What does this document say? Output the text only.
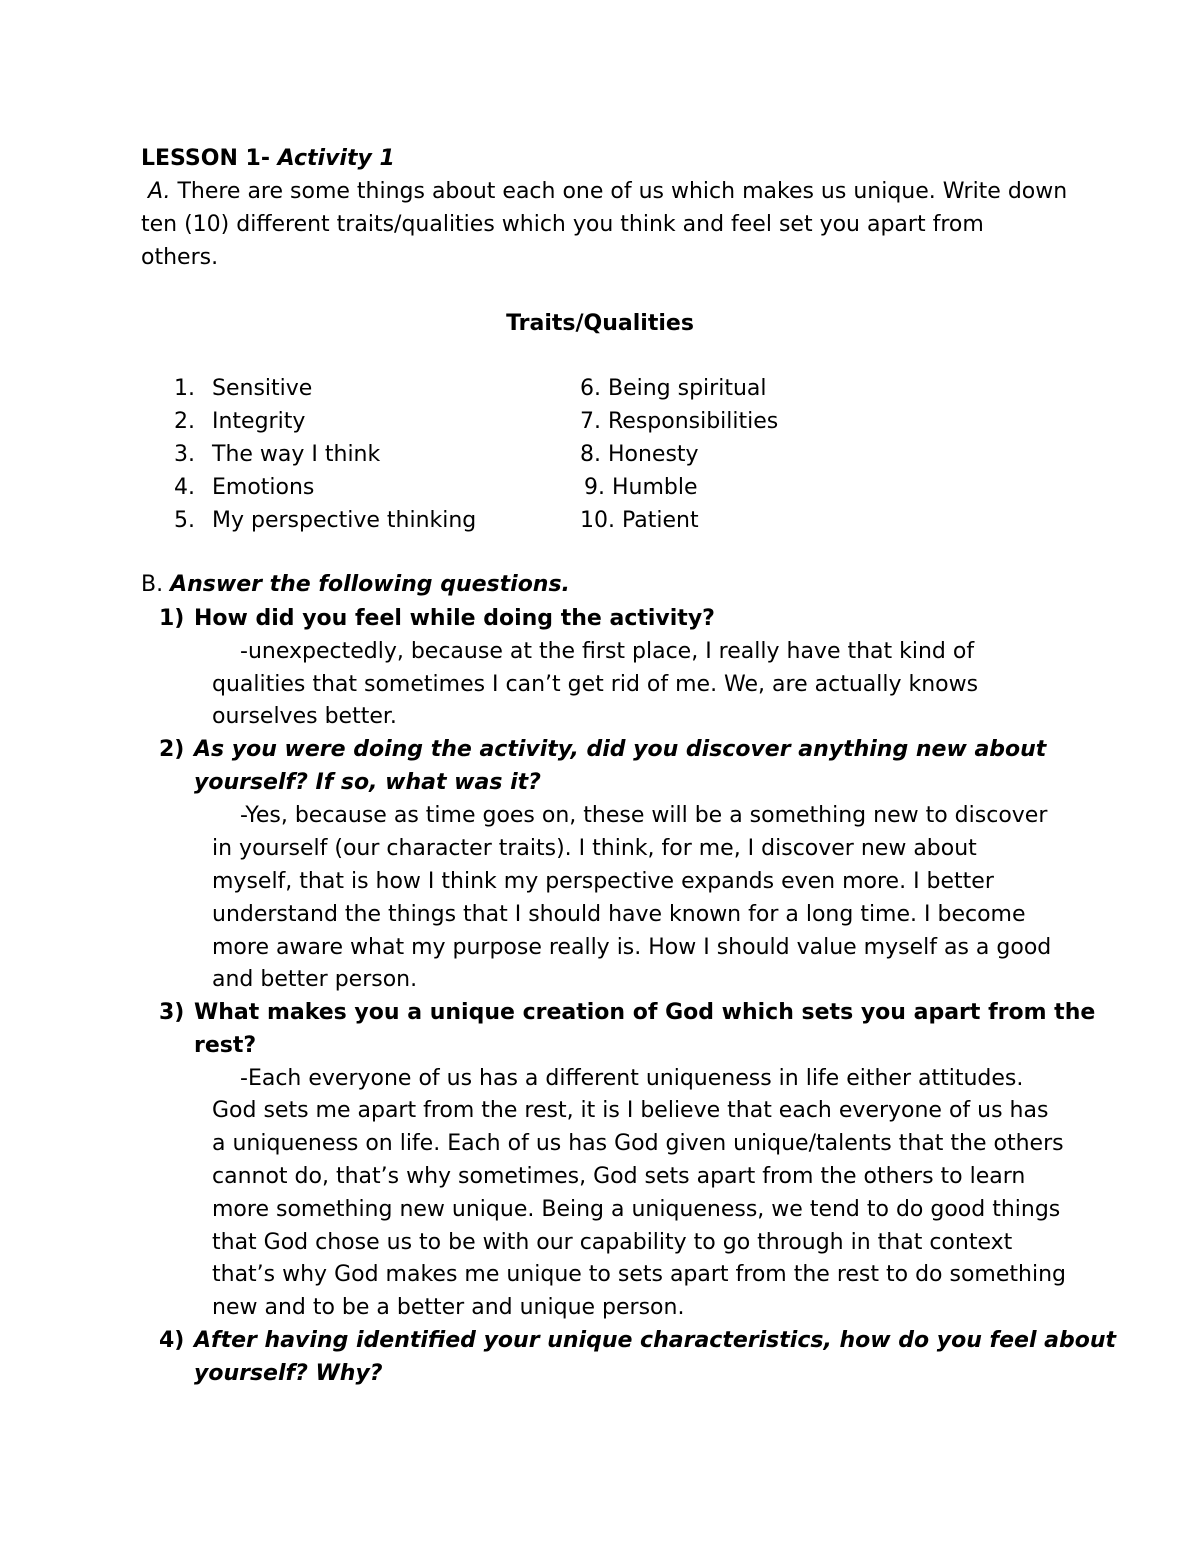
LESSON 1- Activity 1
A. There are some things about each one of us which makes us unique. Write down
ten (10) different traits/qualities which you think and feel set you apart from
others.
Traits/Qualities
1. Sensitive
2. Integrity
3. The way I think
4. Emotions
5. My perspective thinking
6. Being spiritual
7. Responsibilities
8. Honesty
9. Humble
10. Patient
B. Answer the following questions.
1) How did you feel while doing the activity?
-unexpectedly, because at the first place, I really have that kind of
qualities that sometimes I can’t get rid of me. We, are actually knows
ourselves better.
2) As you were doing the activity, did you discover anything new about
yourself? If so, what was it?
-Yes, because as time goes on, these will be a something new to discover
in yourself (our character traits). I think, for me, I discover new about
myself, that is how I think my perspective expands even more. I better
understand the things that I should have known for a long time. I become
more aware what my purpose really is. How I should value myself as a good
and better person.
3) What makes you a unique creation of God which sets you apart from the
rest?
-Each everyone of us has a different uniqueness in life either attitudes.
God sets me apart from the rest, it is I believe that each everyone of us has
a uniqueness on life. Each of us has God given unique/talents that the others
cannot do, that’s why sometimes, God sets apart from the others to learn
more something new unique. Being a uniqueness, we tend to do good things
that God chose us to be with our capability to go through in that context
that’s why God makes me unique to sets apart from the rest to do something
new and to be a better and unique person.
4) After having identified your unique characteristics, how do you feel about
yourself? Why?
